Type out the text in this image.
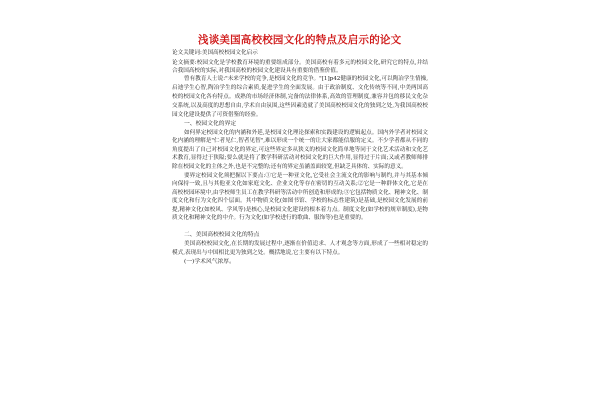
浅谈美国高校校园文化的特点及启示的论文

论文关键词:美国高校校园文化启示

论文摘要:校园文化是学校教育环境的重要组成部分。美国高校有着多元的校园文化,研究它的特点,并结合我国高校的实际,对我国高校的校园文化建设具有重要的借鉴价值。

曾有教育人士说:"未来学校的竞争,是校园文化的竞争。"[1]p42健康的校园文化,可以陶冶学生情操,启迪学生心智,陶冶学生的综合素质,促进学生的全面发展。由于政治制度、文化传统等不同,中美两国高校的校园文化各有特点。成熟的市场经济体制,完备的法律体系,高效的管理制度,兼容并包的移民文化杂交系统,以及高度的思想自由,学术自由氛围,这些因素造就了美国高校校园文化的独到之处,为我国高校校园文化建设提供了可资借鉴的经验。

一、校园文化的界定

如何界定校园文化的内涵和外延,是校园文化理论探索和实践建设的逻辑起点。国内外学者对校园文化内涵的理解是"仁者见仁,智者见智",难以形成一个统一的让大家都能信服的定义。不少学者都从不同的角度提出了自己对校园文化的界定,可这些界定多从狭义的校园文化简单地等同于文化艺术活动和文化艺术教育,显得过于狭隘;要么就是将了教学科研活动对校园文化的巨大作用,显得过于片面;又或者教师师排除在校园文化的主体之外,也是不完整的;还有的界定虽涵盖面较宽,但缺乏具体的、实际的意义。

要界定校园文化须把握以下要点:①它是一种亚文化,它受社会主流文化的影响与制约,并与其基本倾向保持一致,且与其他亚文化如家庭文化、企业文化等存在密切的互动关系;②它是一种群体文化,它是在高校校园环境中,由学校师生员工在教学科研等活动中所创造和形成的;③它包括物质文化、精神文化、制度文化和行为文化四个层面。其中物质文化(如图书馆、学校的标志性建筑)是基础,是校园文化发展的前提,精神文化(如校风、学风等)是核心,是校园文化建设的根本着力点。制度文化(如学校的规章制度),是物质文化和精神文化的中介。行为文化(如学校进行的歌曲、服饰等)也是重要的。

二、美国高校校园文化的特点

美国高校校园文化,在长期的发展过程中,逐渐在价值追求、人才观念等方面,形成了一些相对稳定的模式,表现出与中国相比更为独到之处。概括地说,它主要有以下特点。

(一)学术风气浓厚。
